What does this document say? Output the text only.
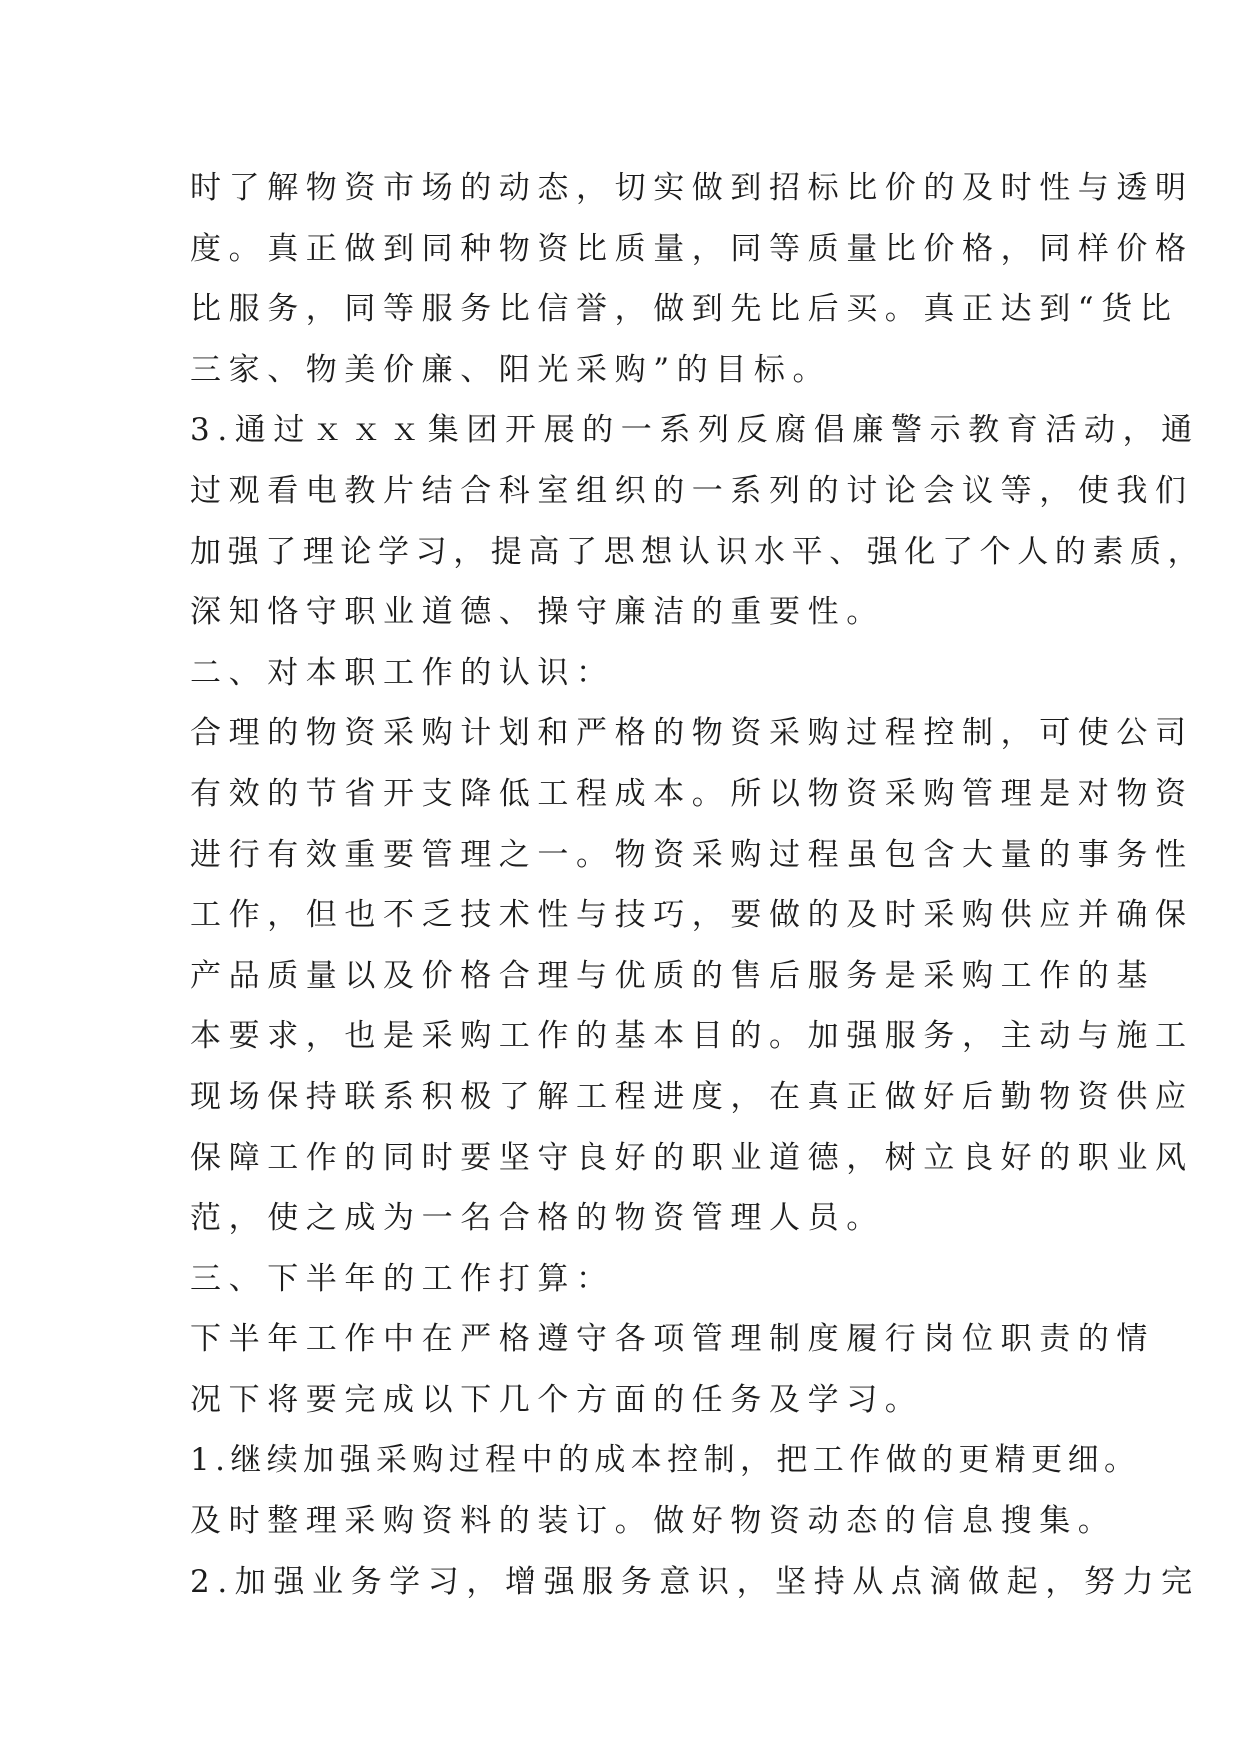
时了解物资市场的动态，切实做到招标比价的及时性与透明
度。真正做到同种物资比质量，同等质量比价格，同样价格
比服务，同等服务比信誉，做到先比后买。真正达到“货比
三家、物美价廉、阳光采购”的目标。
3.通过ｘｘｘ集团开展的一系列反腐倡廉警示教育活动，通
过观看电教片结合科室组织的一系列的讨论会议等，使我们
加强了理论学习，提高了思想认识水平、强化了个人的素质，
深知恪守职业道德、操守廉洁的重要性。
二、对本职工作的认识：
合理的物资采购计划和严格的物资采购过程控制，可使公司
有效的节省开支降低工程成本。所以物资采购管理是对物资
进行有效重要管理之一。物资采购过程虽包含大量的事务性
工作，但也不乏技术性与技巧，要做的及时采购供应并确保
产品质量以及价格合理与优质的售后服务是采购工作的基
本要求，也是采购工作的基本目的。加强服务，主动与施工
现场保持联系积极了解工程进度，在真正做好后勤物资供应
保障工作的同时要坚守良好的职业道德，树立良好的职业风
范，使之成为一名合格的物资管理人员。
三、下半年的工作打算：
下半年工作中在严格遵守各项管理制度履行岗位职责的情
况下将要完成以下几个方面的任务及学习。
1.继续加强采购过程中的成本控制，把工作做的更精更细。
及时整理采购资料的装订。做好物资动态的信息搜集。
2.加强业务学习，增强服务意识，坚持从点滴做起，努力完
